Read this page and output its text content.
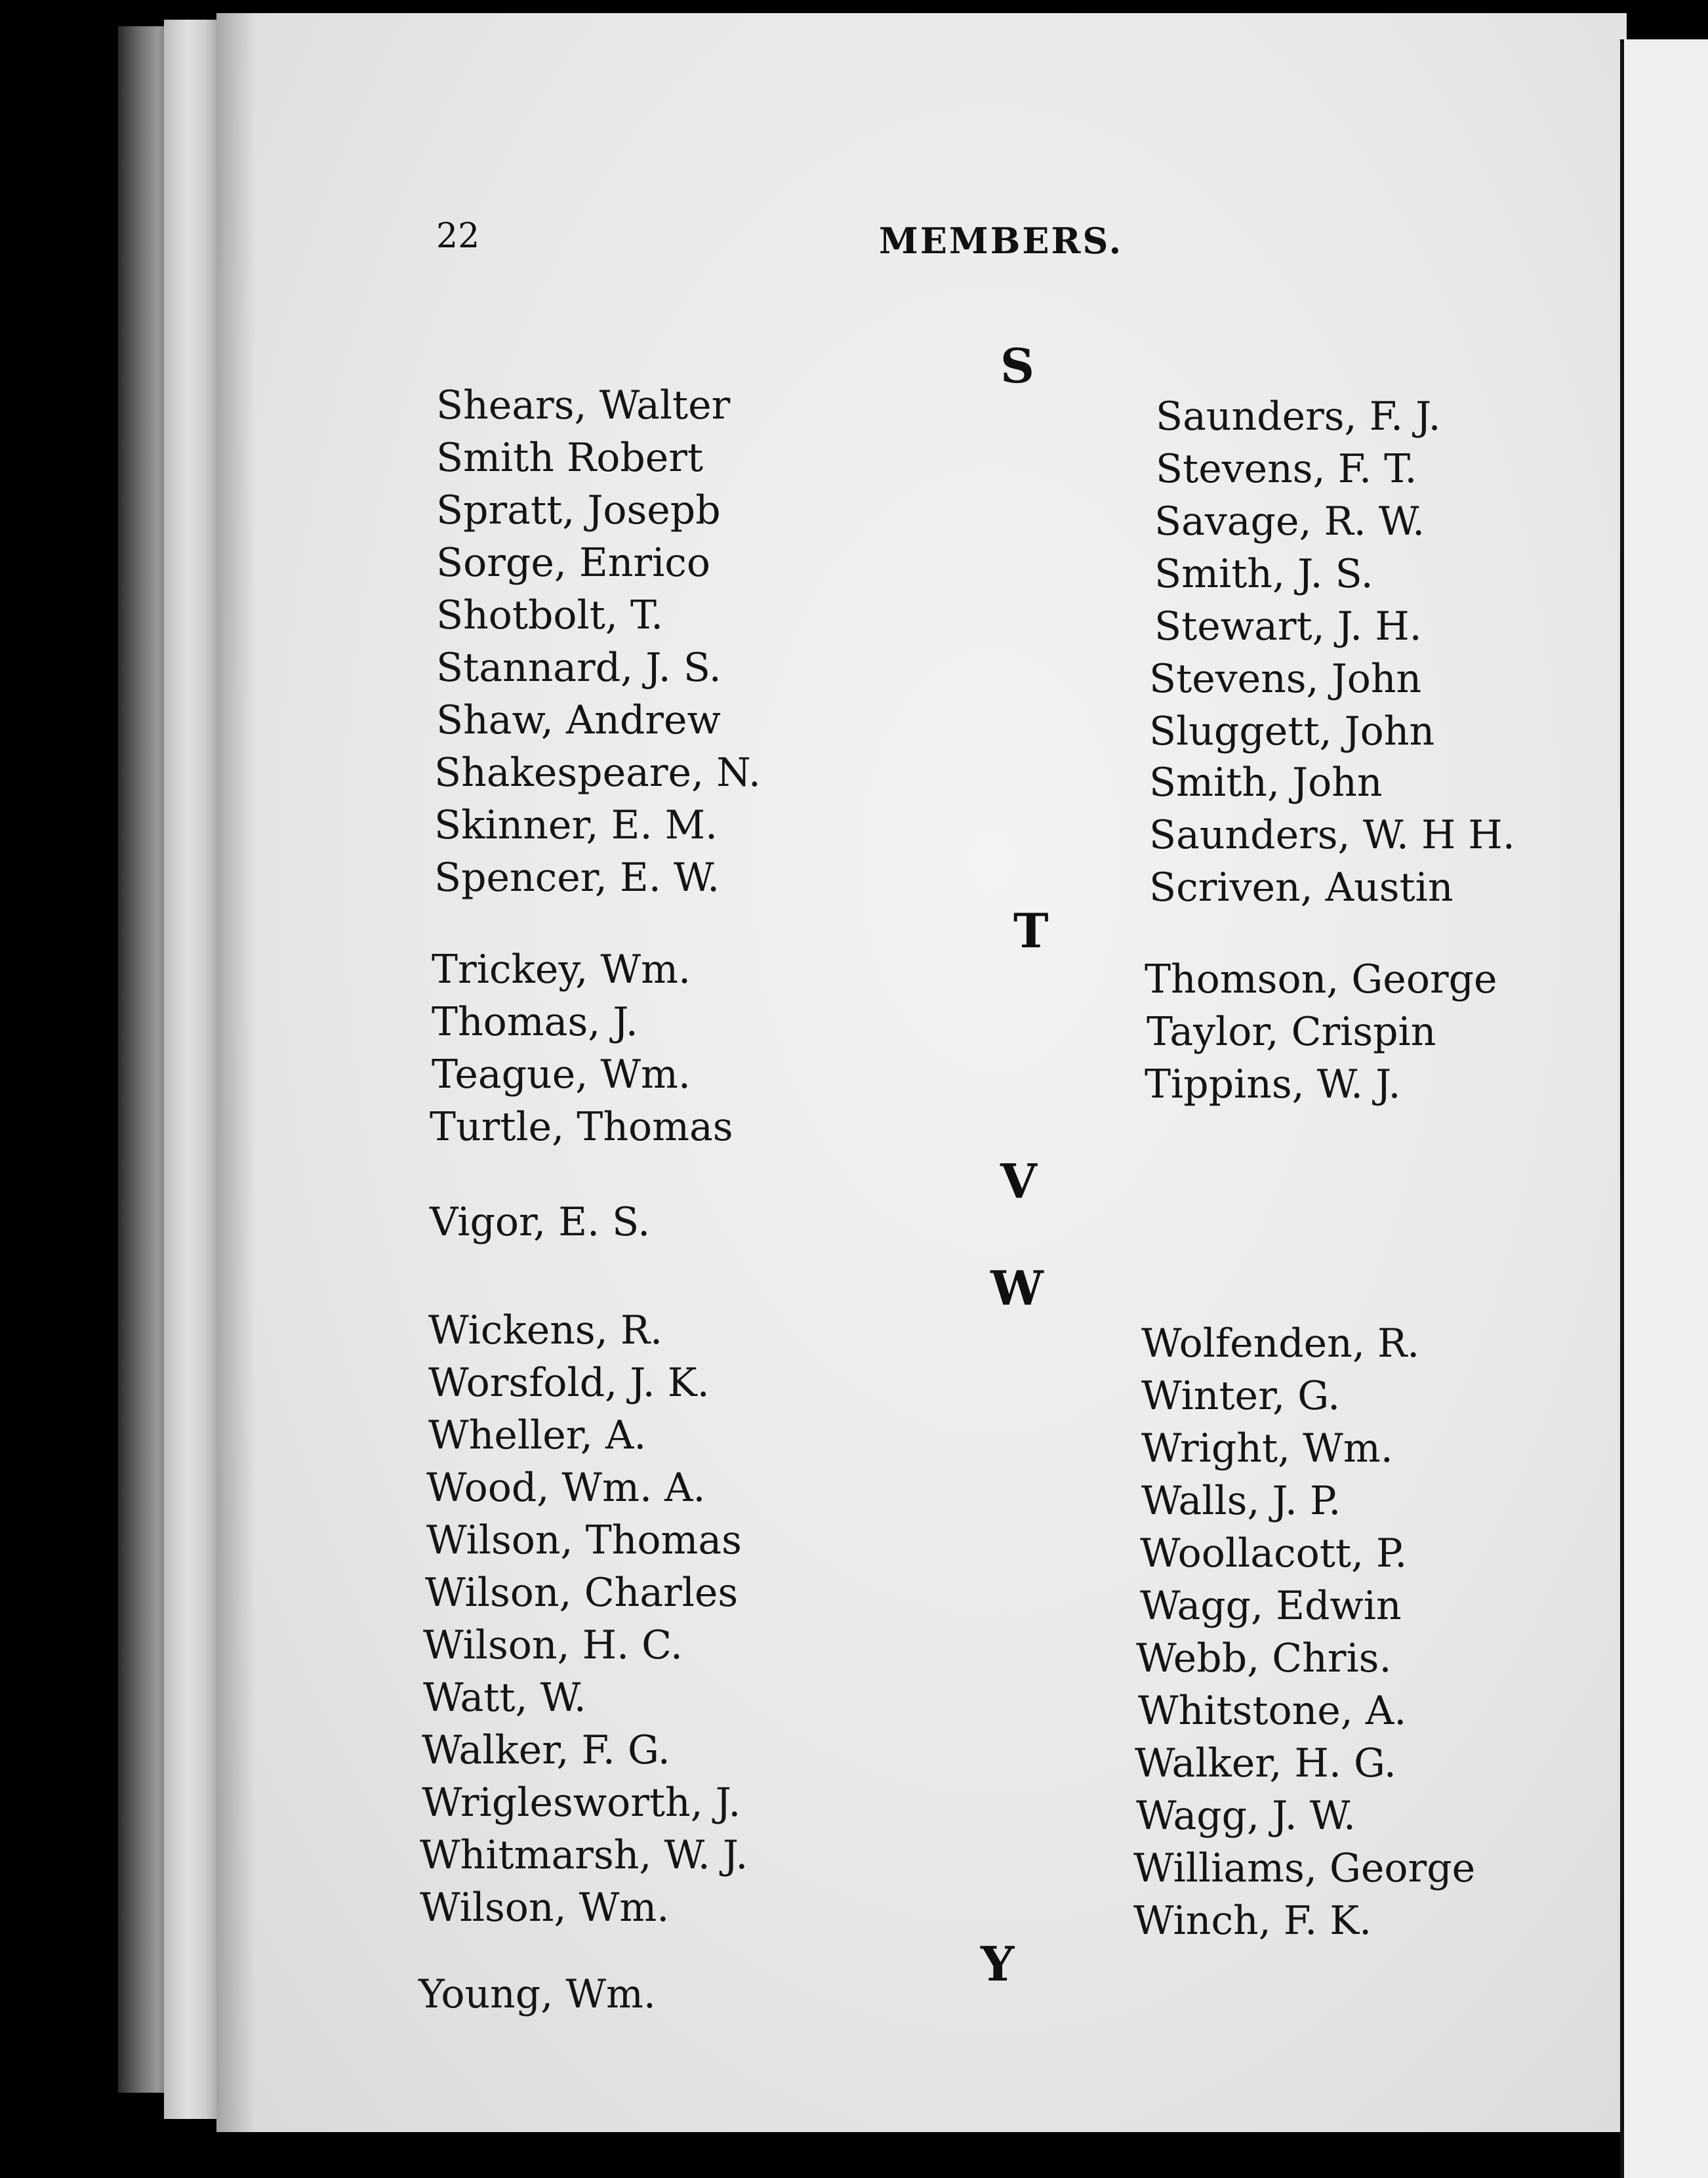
22	MEMBERS.
S
Shears, Walter
Smith Robert
Spratt, Josepb
Sorge, Enrico
Shotbolt, T.
Stannard, J. S.
Shaw, Andrew
Shakespeare, N.
Skinner, E. M.
Spencer, E. W.
Saunders, F. J.
Stevens, F. T.
Savage, R. W.
Smith, J. S.
Stewart, J. H.
Stevens, John
Sluggett, John
Smith, John
Saunders, W. H H.
Scriven, Austin
T
Trickey, Wm.
Thomas, J.
Teague, Wm.
Turtle, Thomas
Thomson, George
Taylor, Crispin
Tippins, W. J.
V
Vigor, E. S.
W
Wickens, R.
Worsfold, J. K.
Wheller, A.
Wood, Wm. A.
Wilson, Thomas
Wilson, Charles
Wilson, H. C.
Watt, W.
Walker, F. G.
Wriglesworth, J.
Whitmarsh, W. J.
Wilson, Wm.
Wolfenden, R.
Winter, G.
Wright, Wm.
Walls, J. P.
Woollacott, P.
Wagg, Edwin
Webb, Chris.
Whitstone, A.
Walker, H. G.
Wagg, J. W.
Williams, George
Winch, F. K.
Y
Young, Wm.
